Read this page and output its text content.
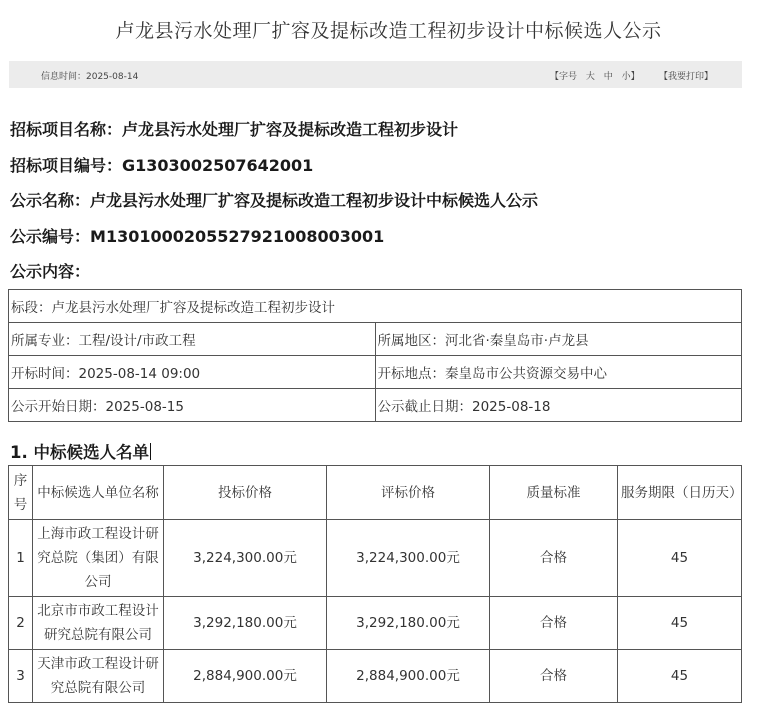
卢龙县污水处理厂扩容及提标改造工程初步设计中标候选人公示
信息时间：2025-08-14	【字号 大 中 小】	【我要打印】
招标项目名称：卢龙县污水处理厂扩容及提标改造工程初步设计
招标项目编号：G1303002507642001
公示名称：卢龙县污水处理厂扩容及提标改造工程初步设计中标候选人公示
公示编号：M1301000205527921008003001
公示内容：
标段：卢龙县污水处理厂扩容及提标改造工程初步设计	
所属专业：工程/设计/市政工程	所属地区：河北省·秦皇岛市·卢龙县
开标时间：2025-08-14 09:00	开标地点：秦皇岛市公共资源交易中心
公示开始日期：2025-08-15	公示截止日期：2025-08-18
1. 中标候选人名单
序号	中标候选人单位名称	投标价格	评标价格	质量标准	服务期限（日历天）
1	上海市政工程设计研究总院（集团）有限公司	3,224,300.00元	3,224,300.00元	合格	45
2	北京市市政工程设计研究总院有限公司	3,292,180.00元	3,292,180.00元	合格	45
3	天津市政工程设计研究总院有限公司	2,884,900.00元	2,884,900.00元	合格	45
